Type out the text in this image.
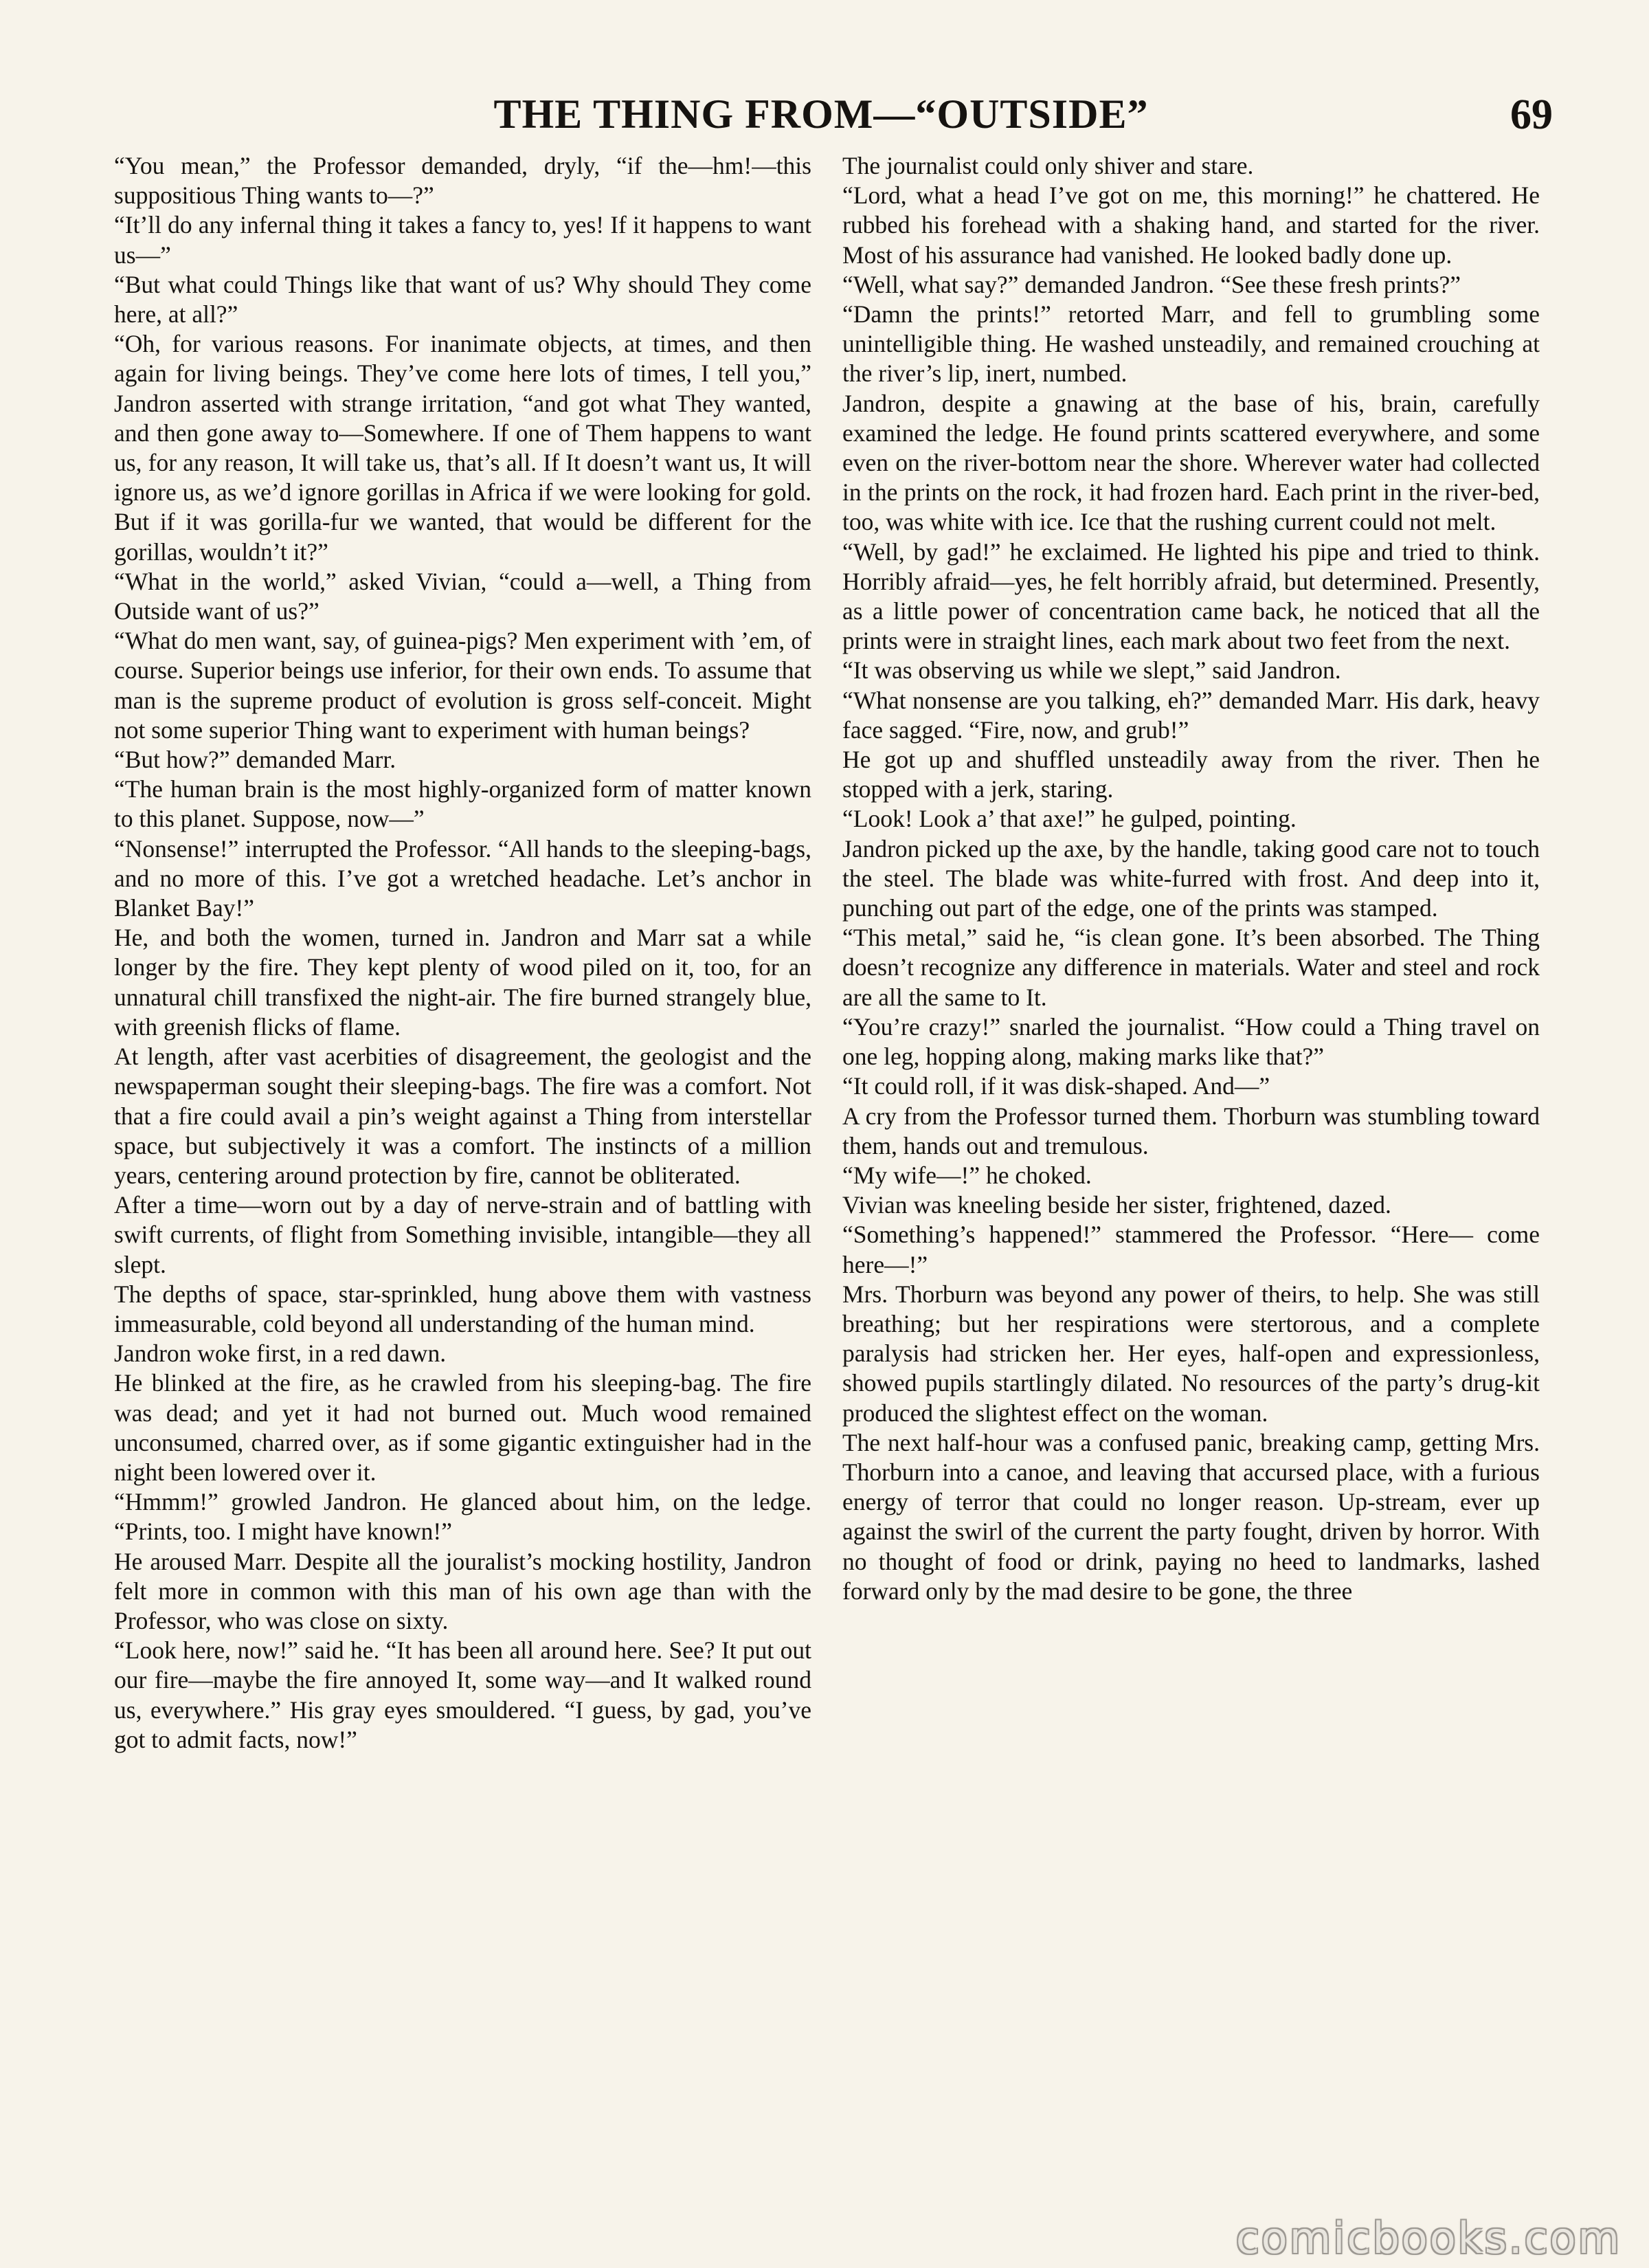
THE THING FROM—“OUTSIDE”	69

“You mean,” the Professor demanded, dryly, “if the—hm!—this suppositious Thing wants to—?”

“It’ll do any infernal thing it takes a fancy to, yes! If it happens to want us—”

“But what could Things like that want of us? Why should They come here, at all?”

“Oh, for various reasons. For inanimate objects, at times, and then again for living beings. They’ve come here lots of times, I tell you,” Jandron asserted with strange irritation, “and got what They wanted, and then gone away to—Somewhere. If one of Them happens to want us, for any reason, It will take us, that’s all. If It doesn’t want us, It will ignore us, as we’d ignore gorillas in Africa if we were looking for gold. But if it was gorilla-fur we wanted, that would be different for the gorillas, wouldn’t it?”

“What in the world,” asked Vivian, “could a—well, a Thing from Outside want of us?”

“What do men want, say, of guinea-pigs? Men experiment with ’em, of course. Superior beings use inferior, for their own ends. To assume that man is the supreme product of evolution is gross self-conceit. Might not some superior Thing want to experiment with human beings?

“But how?” demanded Marr.

“The human brain is the most highly-organized form of matter known to this planet. Suppose, now—”

“Nonsense!” interrupted the Professor. “All hands to the sleeping-bags, and no more of this. I’ve got a wretched headache. Let’s anchor in Blanket Bay!”

He, and both the women, turned in. Jandron and Marr sat a while longer by the fire. They kept plenty of wood piled on it, too, for an unnatural chill transfixed the night-air. The fire burned strangely blue, with greenish flicks of flame.

At length, after vast acerbities of disagreement, the geologist and the newspaperman sought their sleeping-bags. The fire was a comfort. Not that a fire could avail a pin’s weight against a Thing from interstellar space, but subjectively it was a comfort. The instincts of a million years, centering around protection by fire, cannot be obliterated.

After a time—worn out by a day of nerve-strain and of battling with swift currents, of flight from Something invisible, intangible—they all slept.

The depths of space, star-sprinkled, hung above them with vastness immeasurable, cold beyond all understanding of the human mind.

Jandron woke first, in a red dawn.

He blinked at the fire, as he crawled from his sleeping-bag. The fire was dead; and yet it had not burned out. Much wood remained unconsumed, charred over, as if some gigantic extinguisher had in the night been lowered over it.

“Hmmm!” growled Jandron. He glanced about him, on the ledge. “Prints, too. I might have known!”

He aroused Marr. Despite all the jouralist’s mocking hostility, Jandron felt more in common with this man of his own age than with the Professor, who was close on sixty.

“Look here, now!” said he. “It has been all around here. See? It put out our fire—maybe the fire annoyed It, some way—and It walked round us, everywhere.” His gray eyes smouldered. “I guess, by gad, you’ve got to admit facts, now!”

The journalist could only shiver and stare.

“Lord, what a head I’ve got on me, this morning!” he chattered. He rubbed his forehead with a shaking hand, and started for the river. Most of his assurance had vanished. He looked badly done up.

“Well, what say?” demanded Jandron. “See these fresh prints?”

“Damn the prints!” retorted Marr, and fell to grumbling some unintelligible thing. He washed unsteadily, and remained crouching at the river’s lip, inert, numbed.

Jandron, despite a gnawing at the base of his, brain, carefully examined the ledge. He found prints scattered everywhere, and some even on the river-bottom near the shore. Wherever water had collected in the prints on the rock, it had frozen hard. Each print in the river-bed, too, was white with ice. Ice that the rushing current could not melt.

“Well, by gad!” he exclaimed. He lighted his pipe and tried to think. Horribly afraid—yes, he felt horribly afraid, but determined. Presently, as a little power of concentration came back, he noticed that all the prints were in straight lines, each mark about two feet from the next.

“It was observing us while we slept,” said Jandron.

“What nonsense are you talking, eh?” demanded Marr. His dark, heavy face sagged. “Fire, now, and grub!”

He got up and shuffled unsteadily away from the river. Then he stopped with a jerk, staring.

“Look! Look a’ that axe!” he gulped, pointing.

Jandron picked up the axe, by the handle, taking good care not to touch the steel. The blade was white-furred with frost. And deep into it, punching out part of the edge, one of the prints was stamped.

“This metal,” said he, “is clean gone. It’s been absorbed. The Thing doesn’t recognize any difference in materials. Water and steel and rock are all the same to It.

“You’re crazy!” snarled the journalist. “How could a Thing travel on one leg, hopping along, making marks like that?”

“It could roll, if it was disk-shaped. And—”

A cry from the Professor turned them. Thorburn was stumbling toward them, hands out and tremulous.

“My wife—!” he choked.

Vivian was kneeling beside her sister, frightened, dazed.

“Something’s happened!” stammered the Professor. “Here— come here—!”

Mrs. Thorburn was beyond any power of theirs, to help. She was still breathing; but her respirations were stertorous, and a complete paralysis had stricken her. Her eyes, half-open and expressionless, showed pupils startlingly dilated. No resources of the party’s drug-kit produced the slightest effect on the woman.

The next half-hour was a confused panic, breaking camp, getting Mrs. Thorburn into a canoe, and leaving that accursed place, with a furious energy of terror that could no longer reason. Up-stream, ever up against the swirl of the current the party fought, driven by horror. With no thought of food or drink, paying no heed to landmarks, lashed forward only by the mad desire to be gone, the three

comicbooks.com
